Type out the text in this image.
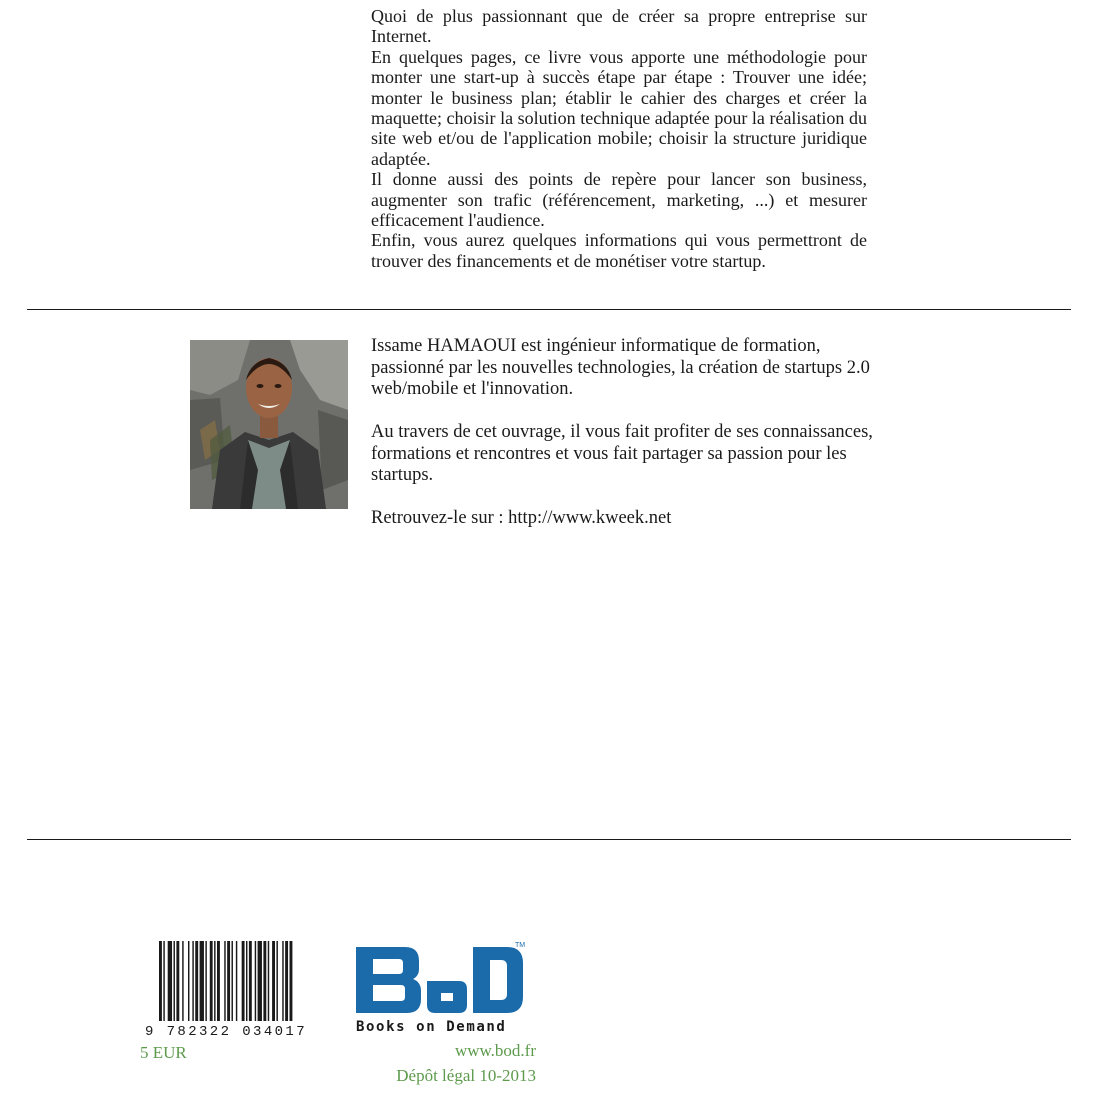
Quoi de plus passionnant que de créer sa propre entreprise sur Internet.

En quelques pages, ce livre vous apporte une méthodologie pour monter une start-up à succès étape par étape : Trouver une idée; monter le business plan; établir le cahier des charges et créer la maquette; choisir la solution technique adaptée pour la réalisation du site web et/ou de l'application mobile; choisir la structure juridique adaptée.

Il donne aussi des points de repère pour lancer son business, augmenter son trafic (référencement, marketing, ...) et mesurer efficacement l'audience.

Enfin, vous aurez quelques informations qui vous permettront de trouver des financements et de monétiser votre startup.

Issame HAMAOUI est ingénieur informatique de formation, passionné par les nouvelles technologies, la création de startups 2.0 web/mobile et l'innovation.

Au travers de cet ouvrage, il vous fait profiter de ses connaissances, formations et rencontres et vous fait partager sa passion pour les startups.

Retrouvez-le sur : http://www.kweek.net

9 782322 034017
5 EUR
TM
Books on Demand
www.bod.fr
Dépôt légal 10-2013
